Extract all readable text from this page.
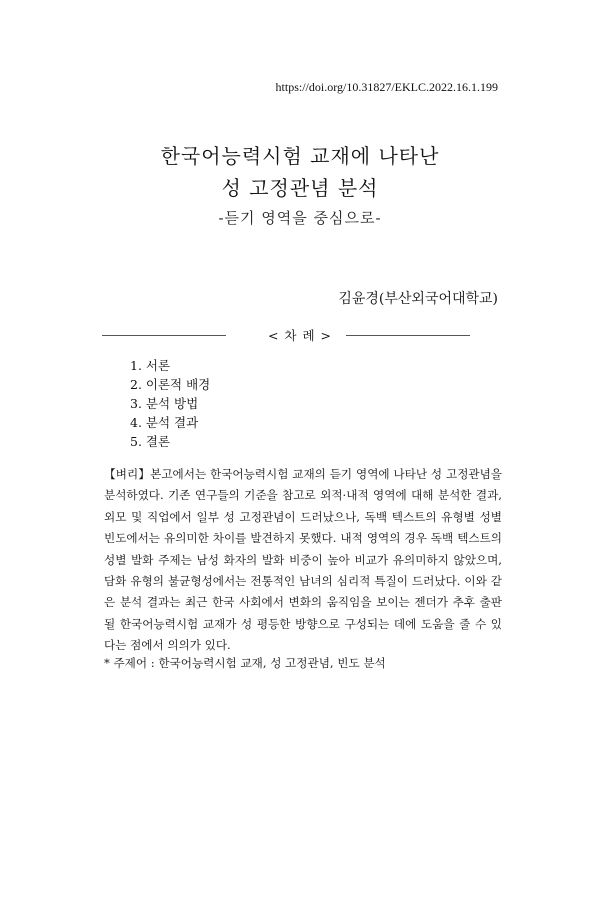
https://doi.org/10.31827/EKLC.2022.16.1.199
한국어능력시험 교재에 나타난
성 고정관념 분석
-듣기 영역을 중심으로-
김윤경(부산외국어대학교)
< 차 례 >
1. 서론
2. 이론적 배경
3. 분석 방법
4. 분석 결과
5. 결론
【벼리】본고에서는 한국어능력시험 교재의 듣기 영역에 나타난 성 고정관념을 분석하였다. 기존 연구들의 기준을 참고로 외적·내적 영역에 대해 분석한 결과, 외모 및 직업에서 일부 성 고정관념이 드러났으나, 독백 텍스트의 유형별 성별 빈도에서는 유의미한 차이를 발견하지 못했다. 내적 영역의 경우 독백 텍스트의 성별 발화 주제는 남성 화자의 발화 비중이 높아 비교가 유의미하지 않았으며, 담화 유형의 불균형성에서는 전통적인 남녀의 심리적 특질이 드러났다. 이와 같은 분석 결과는 최근 한국 사회에서 변화의 움직임을 보이는 젠더가 추후 출판될 한국어능력시험 교재가 성 평등한 방향으로 구성되는 데에 도움을 줄 수 있다는 점에서 의의가 있다.
* 주제어 : 한국어능력시험 교재, 성 고정관념, 빈도 분석
